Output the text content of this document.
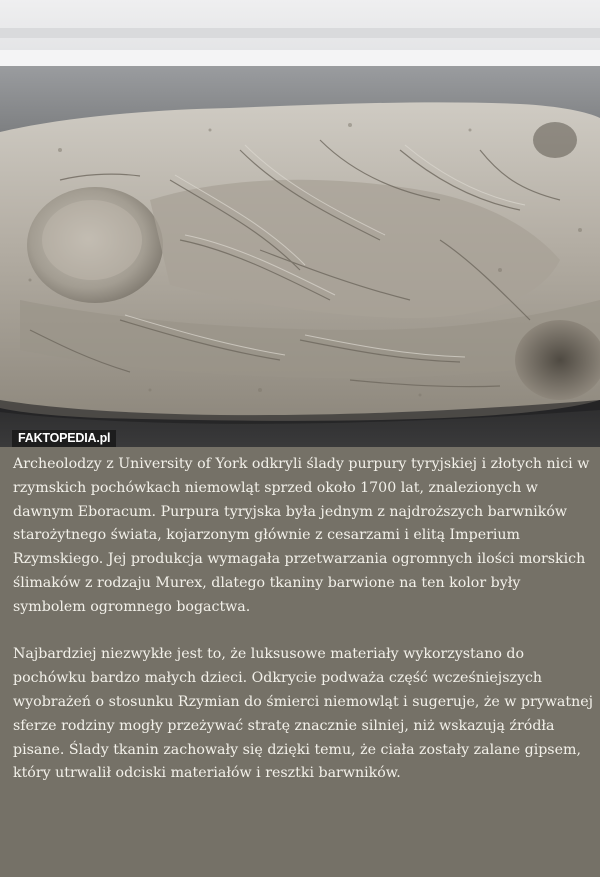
FAKTOPEDIA.pl

Archeolodzy z University of York odkryli ślady purpury tyryjskiej i złotych nici w rzymskich pochówkach niemowląt sprzed około 1700 lat, znalezionych w dawnym Eboracum. Purpura tyryjska była jednym z najdroższych barwników starożytnego świata, kojarzonym głównie z cesarzami i elitą Imperium Rzymskiego. Jej produkcja wymagała przetwarzania ogromnych ilości morskich ślimaków z rodzaju Murex, dlatego tkaniny barwione na ten kolor były symbolem ogromnego bogactwa.

Najbardziej niezwykłe jest to, że luksusowe materiały wykorzystano do pochówku bardzo małych dzieci. Odkrycie podważa część wcześniejszych wyobrażeń o stosunku Rzymian do śmierci niemowląt i sugeruje, że w prywatnej sferze rodziny mogły przeżywać stratę znacznie silniej, niż wskazują źródła pisane. Ślady tkanin zachowały się dzięki temu, że ciała zostały zalane gipsem, który utrwalił odciski materiałów i resztki barwników.
